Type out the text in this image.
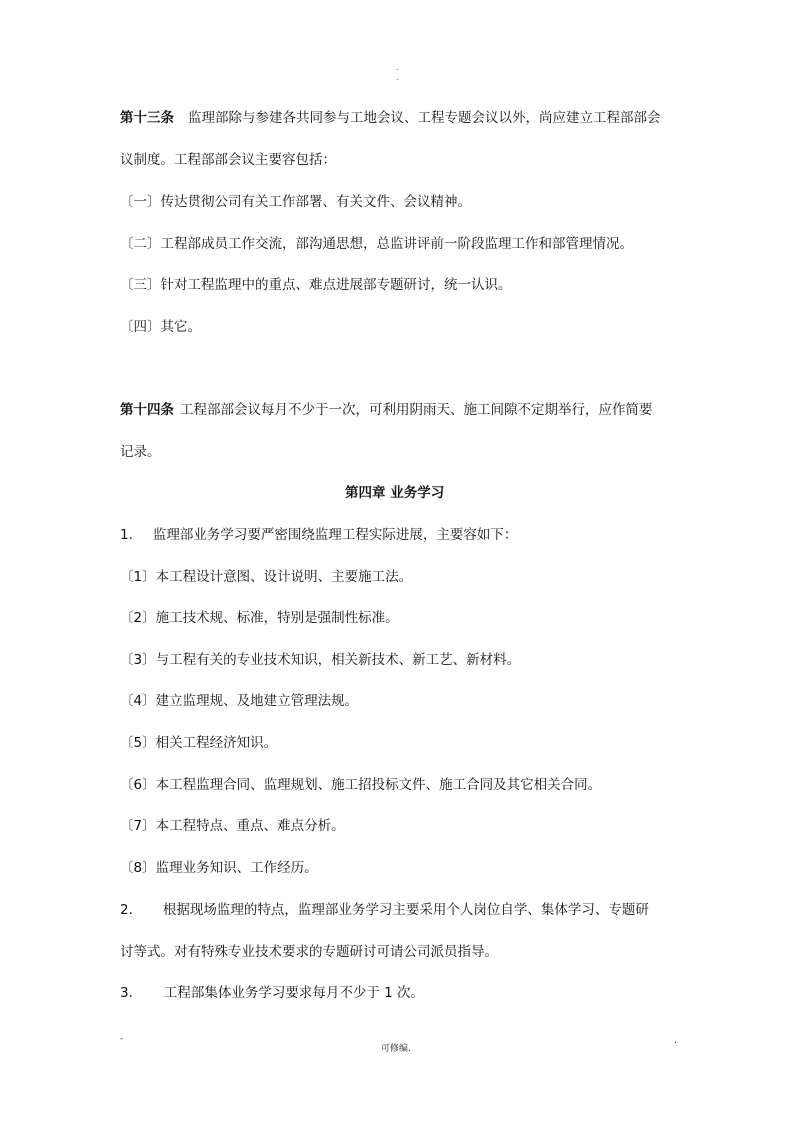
.
.
第十三条 监理部除与参建各共同参与工地会议、工程专题会议以外，尚应建立工程部部会
议制度。工程部部会议主要容包括：
〔一〕传达贯彻公司有关工作部署、有关文件、会议精神。
〔二〕工程部成员工作交流，部沟通思想，总监讲评前一阶段监理工作和部管理情况。
〔三〕针对工程监理中的重点、难点进展部专题研讨，统一认识。
〔四〕其它。
第十四条 工程部部会议每月不少于一次，可利用阴雨天、施工间隙不定期举行，应作简要
记录。
第四章 业务学习
1. 监理部业务学习要严密围绕监理工程实际进展，主要容如下：
〔1〕本工程设计意图、设计说明、主要施工法。
〔2〕施工技术规、标准，特别是强制性标准。
〔3〕与工程有关的专业技术知识，相关新技术、新工艺、新材料。
〔4〕建立监理规、及地建立管理法规。
〔5〕相关工程经济知识。
〔6〕本工程监理合同、监理规划、施工招投标文件、施工合同及其它相关合同。
〔7〕本工程特点、重点、难点分析。
〔8〕监理业务知识、工作经历。
2. 根据现场监理的特点，监理部业务学习主要采用个人岗位自学、集体学习、专题研
讨等式。对有特殊专业技术要求的专题研讨可请公司派员指导。
3. 工程部集体业务学习要求每月不少于 1 次。
-
可修编.
.
